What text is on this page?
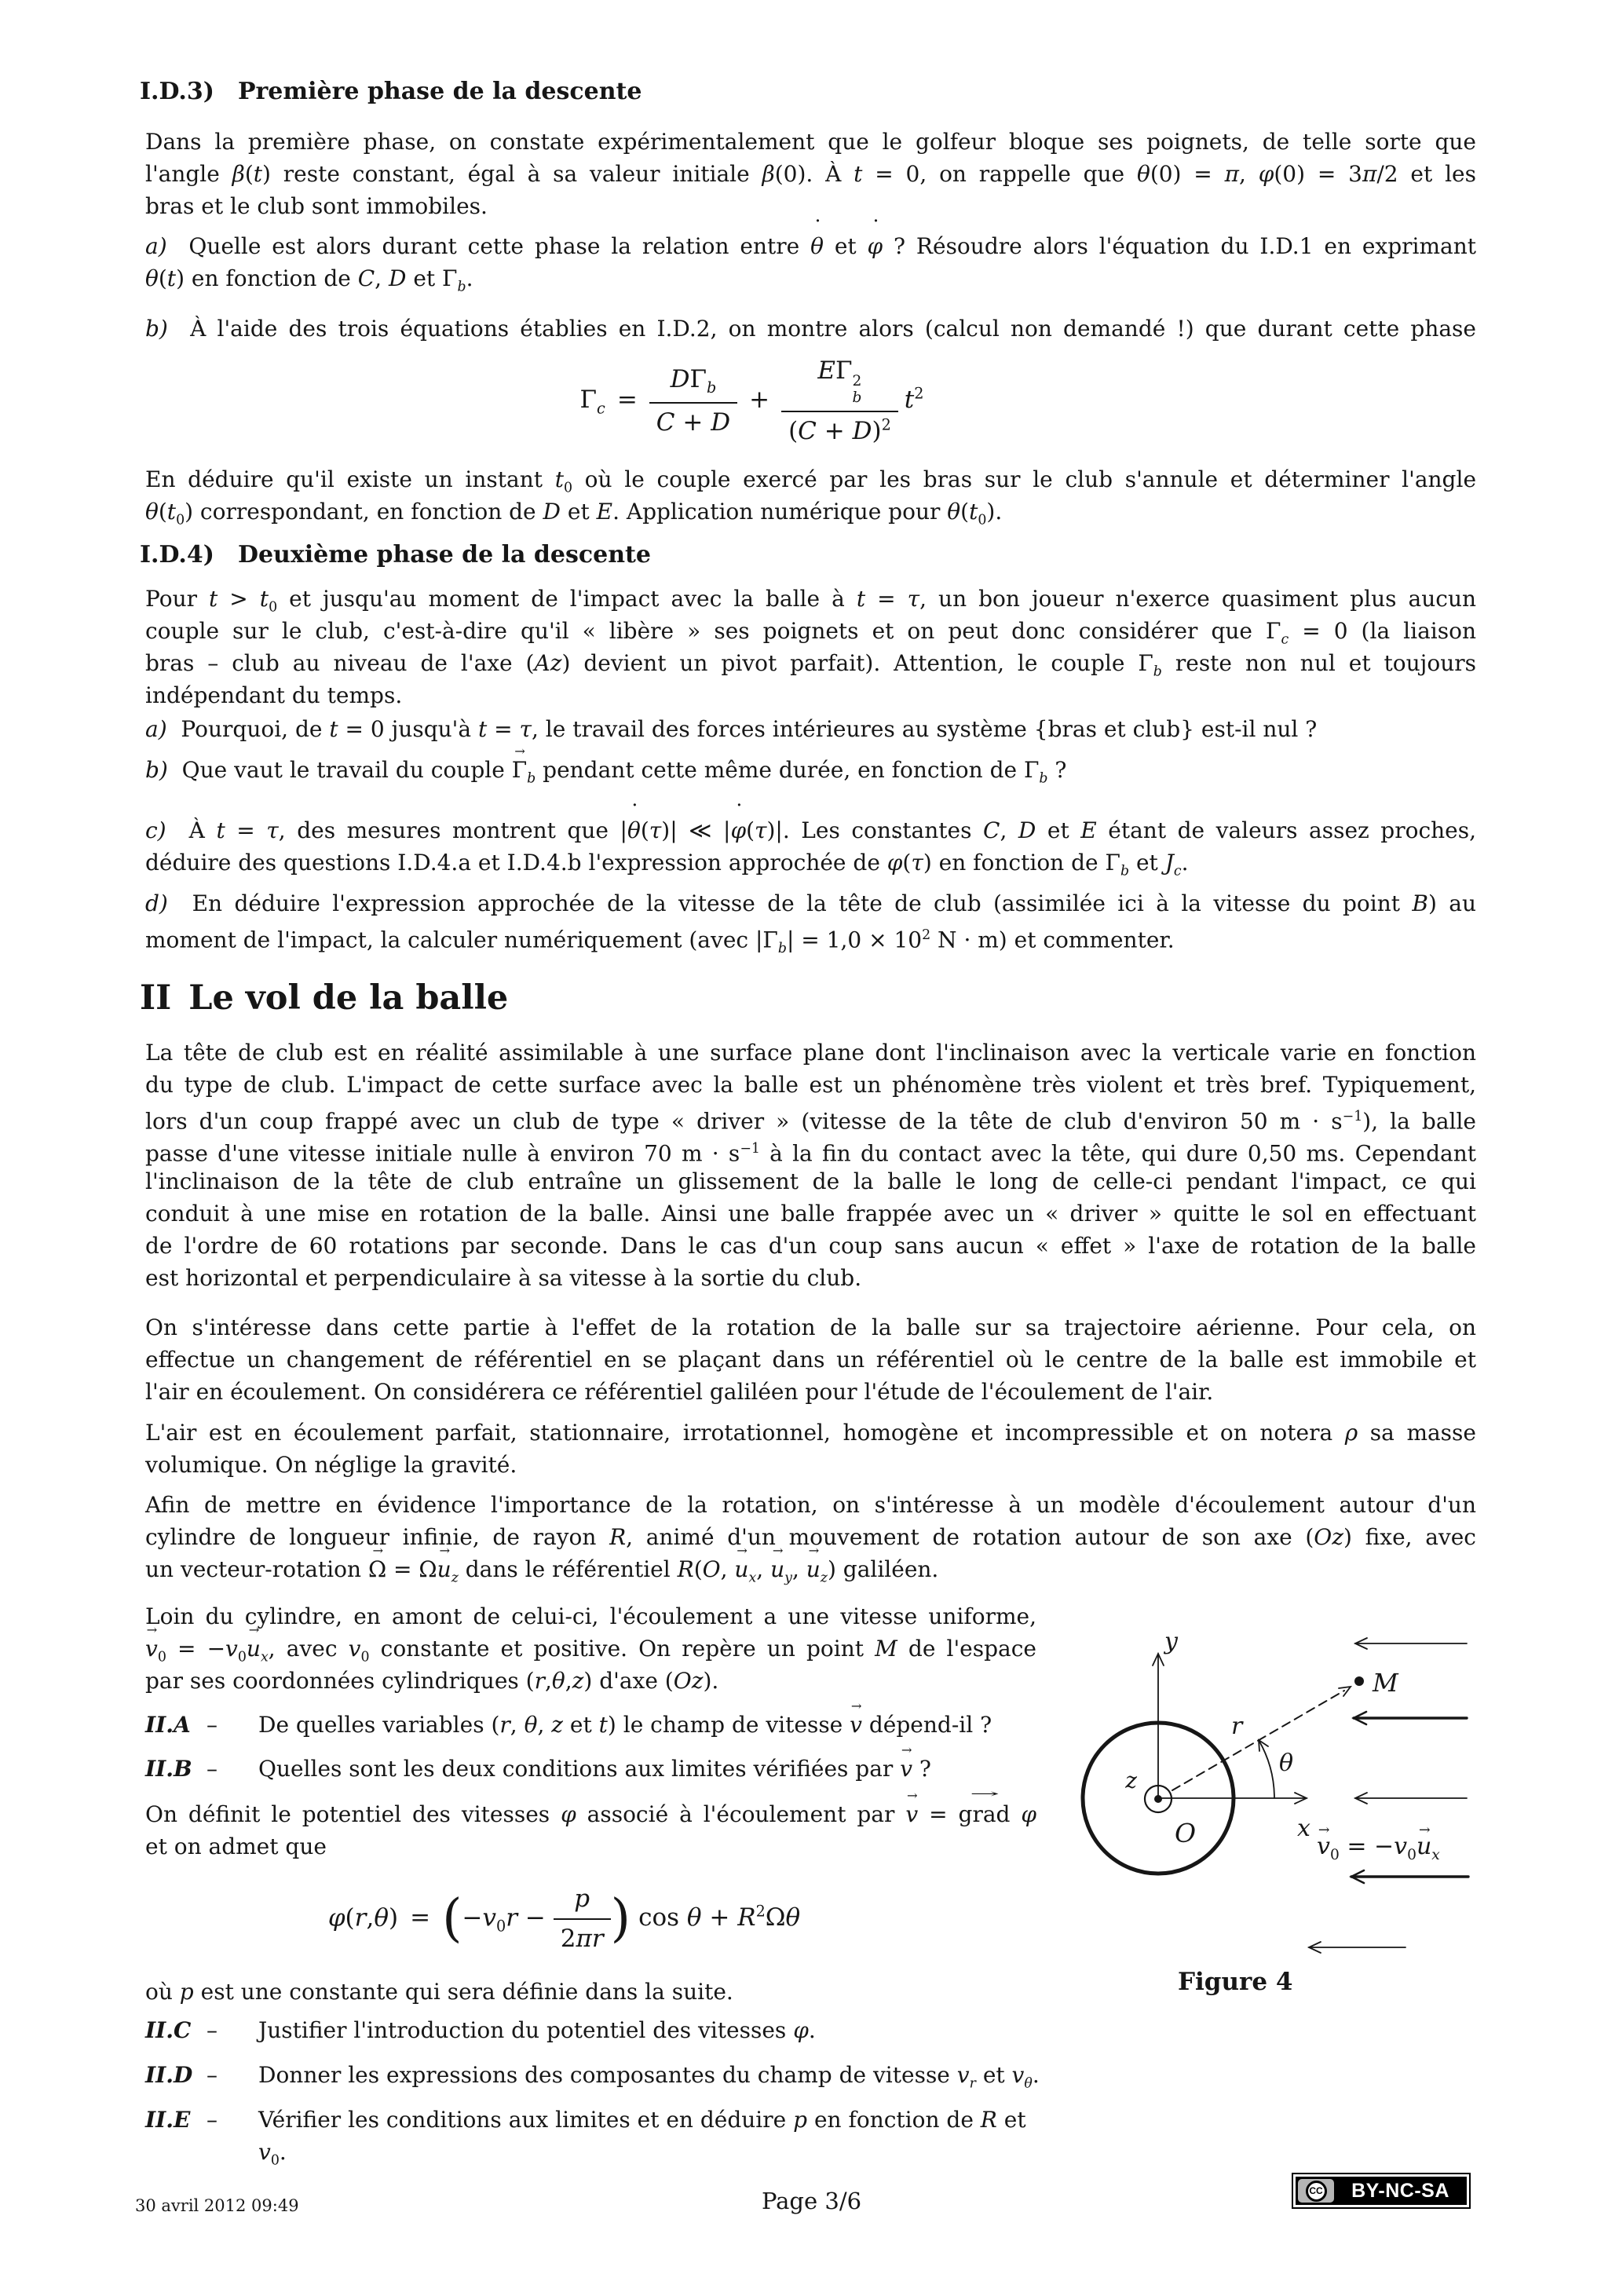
I.D.3) Première phase de la descente
Dans la première phase, on constate expérimentalement que le golfeur bloque ses poignets, de telle sorte que
l'angle β(t) reste constant, égal à sa valeur initiale β(0). À t = 0, on rappelle que θ(0) = π, φ(0) = 3π/2 et les
bras et le club sont immobiles.
a)  Quelle est alors durant cette phase la relation entre θ ˙ et φ ˙ ? Résoudre alors l'équation du I.D.1 en exprimant
θ(t) en fonction de C, D et $\Gamma_b$.
b)  À l'aide des trois équations établies en I.D.2, on montre alors (calcul non demandé !) que durant cette phase
$\Gamma_c = \frac{D\Gamma_b}{C + D} + E\Gamma$ 2
b
$(C + D)^2$ $t^2$
En déduire qu'il existe un instant $t_0$ où le couple exercé par les bras sur le club s'annule et déterminer l'angle
$\theta(t_0)$ correspondant, en fonction de D et E. Application numérique pour $\theta(t_0)$.
I.D.4) Deuxième phase de la descente
Pour $t > t_0$ et jusqu'au moment de l'impact avec la balle à t = τ, un bon joueur n'exerce quasiment plus aucun
couple sur le club, c'est-à-dire qu'il « libère » ses poignets et on peut donc considérer que $\Gamma_c = 0$ (la liaison
bras – club au niveau de l'axe (Az) devient un pivot parfait). Attention, le couple $\Gamma_b$ reste non nul et toujours
indépendant du temps.
a)  Pourquoi, de t = 0 jusqu'à t = τ, le travail des forces intérieures au système {bras et club} est-il nul ?
b)  Que vaut le travail du couple $\Gamma \to_b$ pendant cette même durée, en fonction de $\Gamma_b$ ?
c)  À t = τ, des mesures montrent que |θ ˙(τ)| ≪ |φ ˙(τ)|. Les constantes C, D et E étant de valeurs assez proches,
déduire des questions I.D.4.a et I.D.4.b l'expression approchée de φ ˙(τ) en fonction de $\Gamma_b$ et $J_c$.
d)  En déduire l'expression approchée de la vitesse de la tête de club (assimilée ici à la vitesse du point B) au
moment de l'impact, la calculer numériquement (avec $|\Gamma_b| = 1,0 \times 10^2$ N · m) et commenter.
II Le vol de la balle
La tête de club est en réalité assimilable à une surface plane dont l'inclinaison avec la verticale varie en fonction
du type de club. L'impact de cette surface avec la balle est un phénomène très violent et très bref. Typiquement,
lors d'un coup frappé avec un club de type « driver » (vitesse de la tête de club d'environ 50 $m \cdot s^{-1}$), la balle
passe d'une vitesse initiale nulle à environ 70 $m \cdot s^{-1}$ à la fin du contact avec la tête, qui dure 0,50 ms. Cependant
l'inclinaison de la tête de club entraîne un glissement de la balle le long de celle-ci pendant l'impact, ce qui
conduit à une mise en rotation de la balle. Ainsi une balle frappée avec un « driver » quitte le sol en effectuant
de l'ordre de 60 rotations par seconde. Dans le cas d'un coup sans aucun « effet » l'axe de rotation de la balle
est horizontal et perpendiculaire à sa vitesse à la sortie du club.
On s'intéresse dans cette partie à l'effet de la rotation de la balle sur sa trajectoire aérienne. Pour cela, on
effectue un changement de référentiel en se plaçant dans un référentiel où le centre de la balle est immobile et
l'air en écoulement. On considérera ce référentiel galiléen pour l'étude de l'écoulement de l'air.
L'air est en écoulement parfait, stationnaire, irrotationnel, homogène et incompressible et on notera ρ sa masse
volumique. On néglige la gravité.
Afin de mettre en évidence l'importance de la rotation, on s'intéresse à un modèle d'écoulement autour d'un
cylindre de longueur infinie, de rayon R, animé d'un mouvement de rotation autour de son axe (Oz) fixe, avec
un vecteur-rotation Ω → = $\Omega u \to_z$ dans le référentiel R(O, $u \to_x$, $u \to_y$, $u \to_z$) galiléen.
Loin du cylindre, en amont de celui-ci, l'écoulement a une vitesse uniforme,
$v \to_0 = -v_0u \to_x$, avec $v_0$ constante et positive. On repère un point M de l'espace
par ses coordonnées cylindriques (r,θ,z) d'axe (Oz).
II.A –	De quelles variables (r, θ, z et t) le champ de vitesse v → dépend-il ?
II.B –	Quelles sont les deux conditions aux limites vérifiées par v → ?
On définit le potentiel des vitesses φ associé à l'écoulement par v → = grad → φ
et on admet que
$\varphi(r,\theta) = (-v_0r - \frac{p}{2\pi r}$ ) $\cos \theta + R^2\Omega\theta$
où p est une constante qui sera définie dans la suite.
II.C –	Justifier l'introduction du potentiel des vitesses φ.
II.D –	Donner les expressions des composantes du champ de vitesse $v_r$ et $v_\theta$.
II.E –	Vérifier les conditions aux limites et en déduire p en fonction de R et $v_0$.
y
x
z
O
r
θ
M
$v \to_0 = -v_0u \to_x$
Figure 4
30 avril 2012 09:49	Page 3/6	CC	BY-NC-SA
